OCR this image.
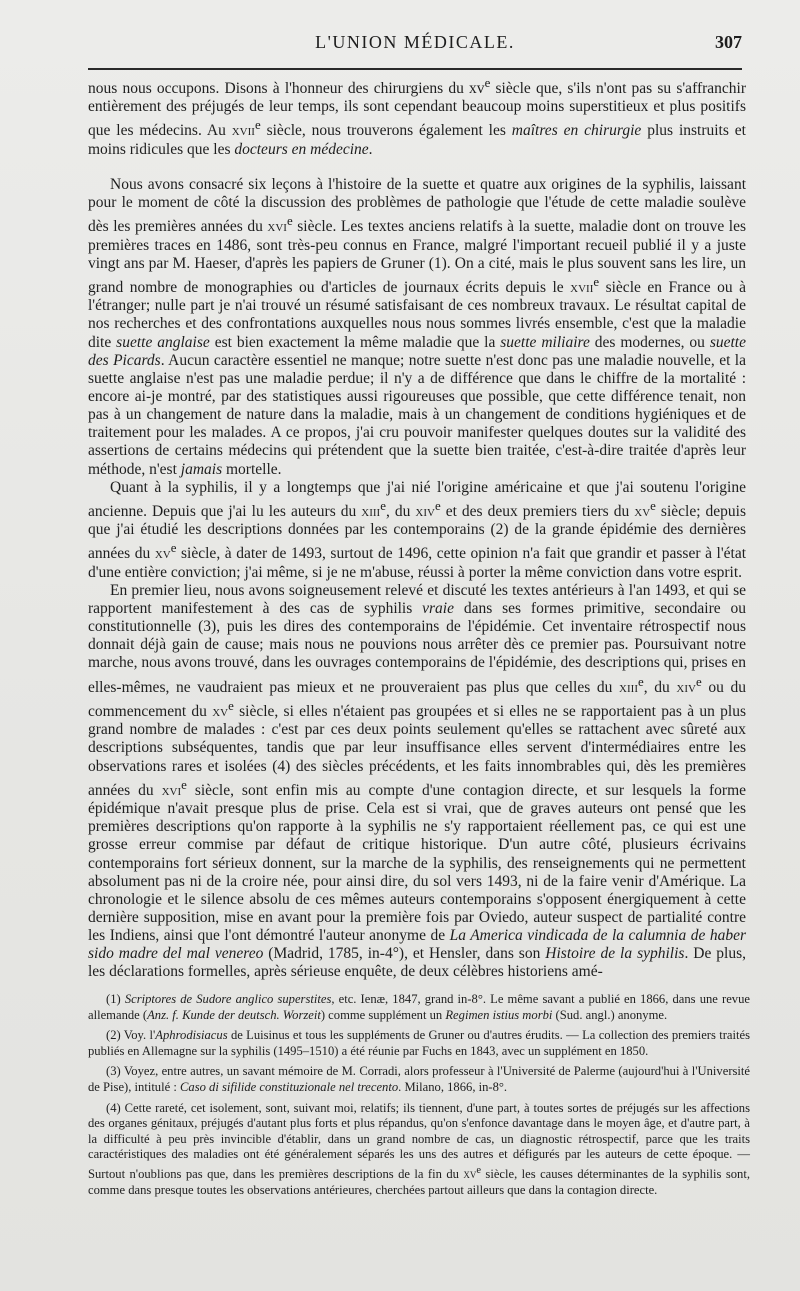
L'UNION MÉDICALE.	307

nous nous occupons. Disons à l'honneur des chirurgiens du $xv^e$ siècle que, s'ils n'ont pas su s'affranchir entièrement des préjugés de leur temps, ils sont cependant beaucoup moins superstitieux et plus positifs que les médecins. Au xvii$^e$ siècle, nous trouverons également les maîtres en chirurgie plus instruits et moins ridicules que les docteurs en médecine.

Nous avons consacré six leçons à l'histoire de la suette et quatre aux origines de la syphilis, laissant pour le moment de côté la discussion des problèmes de pathologie que l'étude de cette maladie soulève dès les premières années du xvi$^e$ siècle. Les textes anciens relatifs à la suette, maladie dont on trouve les premières traces en 1486, sont très-peu connus en France, malgré l'important recueil publié il y a juste vingt ans par M. Haeser, d'après les papiers de Gruner (1). On a cité, mais le plus souvent sans les lire, un grand nombre de monographies ou d'articles de journaux écrits depuis le xvii$^e$ siècle en France ou à l'étranger; nulle part je n'ai trouvé un résumé satisfaisant de ces nombreux travaux. Le résultat capital de nos recherches et des confrontations auxquelles nous nous sommes livrés ensemble, c'est que la maladie dite suette anglaise est bien exactement la même maladie que la suette miliaire des modernes, ou suette des Picards. Aucun caractère essentiel ne manque; notre suette n'est donc pas une maladie nouvelle, et la suette anglaise n'est pas une maladie perdue; il n'y a de différence que dans le chiffre de la mortalité : encore ai-je montré, par des statistiques aussi rigoureuses que possible, que cette différence tenait, non pas à un changement de nature dans la maladie, mais à un changement de conditions hygiéniques et de traitement pour les malades. A ce propos, j'ai cru pouvoir manifester quelques doutes sur la validité des assertions de certains médecins qui prétendent que la suette bien traitée, c'est-à-dire traitée d'après leur méthode, n'est jamais mortelle.

Quant à la syphilis, il y a longtemps que j'ai nié l'origine américaine et que j'ai soutenu l'origine ancienne. Depuis que j'ai lu les auteurs du xiii$^e$, du xiv$^e$ et des deux premiers tiers du $xv^e$ siècle; depuis que j'ai étudié les descriptions données par les contemporains (2) de la grande épidémie des dernières années du $xv^e$ siècle, à dater de 1493, surtout de 1496, cette opinion n'a fait que grandir et passer à l'état d'une entière conviction; j'ai même, si je ne m'abuse, réussi à porter la même conviction dans votre esprit.

En premier lieu, nous avons soigneusement relevé et discuté les textes antérieurs à l'an 1493, et qui se rapportent manifestement à des cas de syphilis vraie dans ses formes primitive, secondaire ou constitutionnelle (3), puis les dires des contemporains de l'épidémie. Cet inventaire rétrospectif nous donnait déjà gain de cause; mais nous ne pouvions nous arrêter dès ce premier pas. Poursuivant notre marche, nous avons trouvé, dans les ouvrages contemporains de l'épidémie, des descriptions qui, prises en elles-mêmes, ne vaudraient pas mieux et ne prouveraient pas plus que celles du xiii$^e$, du xiv$^e$ ou du commencement du $xv^e$ siècle, si elles n'étaient pas groupées et si elles ne se rapportaient pas à un plus grand nombre de malades : c'est par ces deux points seulement qu'elles se rattachent avec sûreté aux descriptions subséquentes, tandis que par leur insuffisance elles servent d'intermédiaires entre les observations rares et isolées (4) des siècles précédents, et les faits innombrables qui, dès les premières années du xvi$^e$ siècle, sont enfin mis au compte d'une contagion directe, et sur lesquels la forme épidémique n'avait presque plus de prise. Cela est si vrai, que de graves auteurs ont pensé que les premières descriptions qu'on rapporte à la syphilis ne s'y rapportaient réellement pas, ce qui est une grosse erreur commise par défaut de critique historique. D'un autre côté, plusieurs écrivains contemporains fort sérieux donnent, sur la marche de la syphilis, des renseignements qui ne permettent absolument pas ni de la croire née, pour ainsi dire, du sol vers 1493, ni de la faire venir d'Amérique. La chronologie et le silence absolu de ces mêmes auteurs contemporains s'opposent énergiquement à cette dernière supposition, mise en avant pour la première fois par Oviedo, auteur suspect de partialité contre les Indiens, ainsi que l'ont démontré l'auteur anonyme de La America vindicada de la calumnia de haber sido madre del mal venereo (Madrid, 1785, in-4°), et Hensler, dans son Histoire de la syphilis. De plus, les déclarations formelles, après sérieuse enquête, de deux célèbres historiens amé-

(1) Scriptores de Sudore anglico superstites, etc. Ienæ, 1847, grand in-8°. Le même savant a publié en 1866, dans une revue allemande (Anz. f. Kunde der deutsch. Worzeit) comme supplément un Regimen istius morbi (Sud. angl.) anonyme.

(2) Voy. l'Aphrodisiacus de Luisinus et tous les suppléments de Gruner ou d'autres érudits. — La collection des premiers traités publiés en Allemagne sur la syphilis (1495–1510) a été réunie par Fuchs en 1843, avec un supplément en 1850.

(3) Voyez, entre autres, un savant mémoire de M. Corradi, alors professeur à l'Université de Palerme (aujourd'hui à l'Université de Pise), intitulé : Caso di sifilide constituzionale nel trecento. Milano, 1866, in-8°.

(4) Cette rareté, cet isolement, sont, suivant moi, relatifs; ils tiennent, d'une part, à toutes sortes de préjugés sur les affections des organes génitaux, préjugés d'autant plus forts et plus répandus, qu'on s'enfonce davantage dans le moyen âge, et d'autre part, à la difficulté à peu près invincible d'établir, dans un grand nombre de cas, un diagnostic rétrospectif, parce que les traits caractéristiques des maladies ont été généralement séparés les uns des autres et défigurés par les auteurs de cette époque. — Surtout n'oublions pas que, dans les premières descriptions de la fin du $xv^e$ siècle, les causes déterminantes de la syphilis sont, comme dans presque toutes les observations antérieures, cherchées partout ailleurs que dans la contagion directe.
